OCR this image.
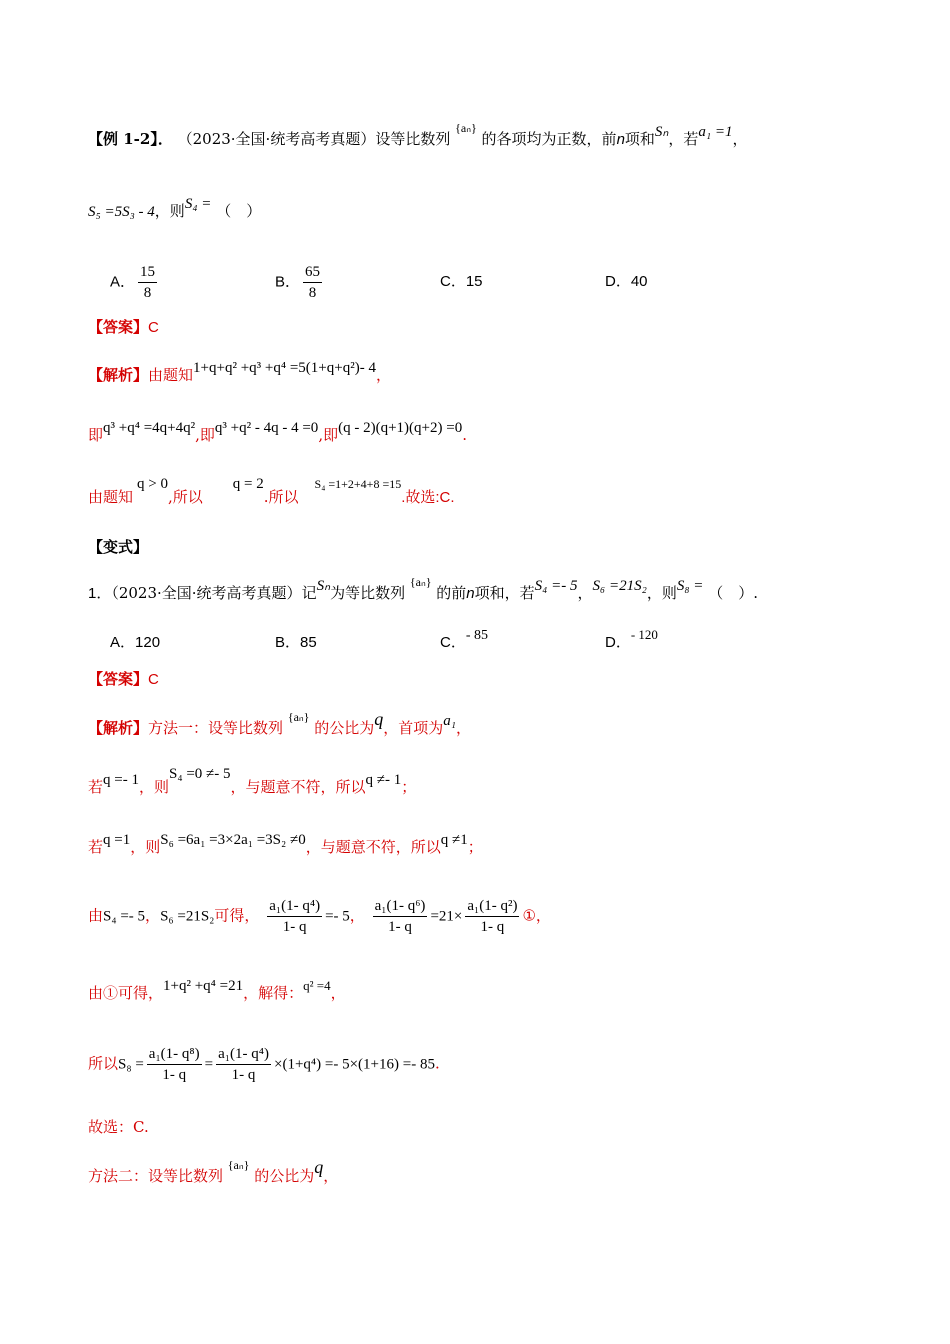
【例 1-2】． （2023·全国·统考高考真题）设等比数列 $^{\{a_n\}}$ 的各项均为正数，前n项和Sₙ，若a₁ =1，
S₅ =5S₃ - 4，则S₄ = （　）
A． $\frac{15}{8}$	B． $\frac{65}{8}$	C．15	D．40
【答案】C
【解析】由题知1+q+q² +q³ +q⁴ =5(1+q+q²)- 4，
即q³ +q⁴ =4q+4q²,即q³ +q² - 4q - 4 =0,即(q - 2)(q+1)(q+2) =0.
由题知q > 0,所以q = 2.所以$^{S_4 =1+2+4+8 =15}$.故选:C.
【变式】
1．（2023·全国·统考高考真题）记Sₙ为等比数列 $^{\{a_n\}}$ 的前n项和，若S₄ =- 5，S₆ =21S₂，则S₈ = （　）.
A．120	B．85	C．- 85	D．- 120
【答案】C
【解析】方法一：设等比数列 $^{\{a_n\}}$ 的公比为q，首项为a₁，
若q =- 1，则S₄ =0 ≠- 5，与题意不符，所以q ≠- 1；
若q =1，则S₆ =6a₁ =3×2a₁ =3S₂ ≠0，与题意不符，所以q ≠1；
由S₄ =- 5，S₆ =21S₂可得， $\frac{\text{a₁(1- q⁴)}}{1- q} =- 5$， $\frac{\text{a₁(1- q⁶)}}{1- q} =21\times \frac{\text{a₁(1- q²)}}{1- q}$ ①，
由①可得，1+q² +q⁴ =21，解得：q² =4，
所以$S_8 = \frac{\text{a₁(1- q⁸)}}{1- q} = \frac{\text{a₁(1- q⁴)}}{1- q} \times(1+q^4) =- 5\times(1+16) =- 85$.
故选：C.
方法二：设等比数列 $^{\{a_n\}}$ 的公比为q，
